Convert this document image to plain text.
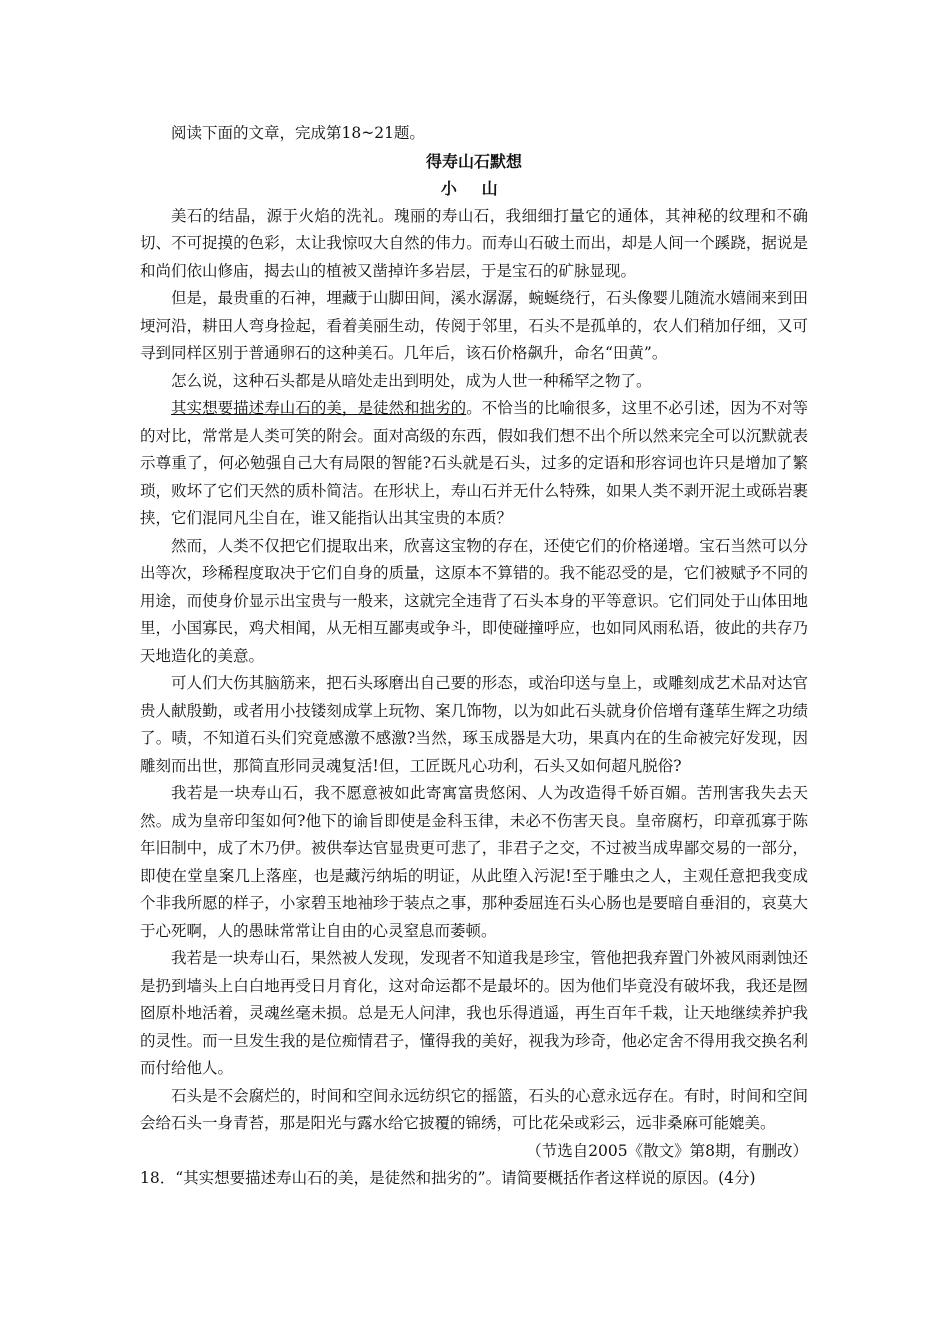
阅读下面的文章，完成第18~21题。

得寿山石默想

小 山

美石的结晶，源于火焰的洗礼。瑰丽的寿山石，我细细打量它的通体，其神秘的纹理和不确切、不可捉摸的色彩，太让我惊叹大自然的伟力。而寿山石破土而出，却是人间一个蹊跷，据说是和尚们依山修庙，揭去山的植被又凿掉许多岩层，于是宝石的矿脉显现。

但是，最贵重的石神，埋藏于山脚田间，溪水潺潺，蜿蜒绕行，石头像婴儿随流水嬉闹来到田埂河沿，耕田人弯身捡起，看着美丽生动，传阅于邻里，石头不是孤单的，农人们稍加仔细，又可寻到同样区别于普通卵石的这种美石。几年后，该石价格飙升，命名“田黄”。

怎么说，这种石头都是从暗处走出到明处，成为人世一种稀罕之物了。

其实想要描述寿山石的美，是徒然和拙劣的。不恰当的比喻很多，这里不必引述，因为不对等的对比，常常是人类可笑的附会。面对高级的东西，假如我们想不出个所以然来完全可以沉默就表示尊重了，何必勉强自己大有局限的智能?石头就是石头，过多的定语和形容词也许只是增加了繁琐，败坏了它们天然的质朴简洁。在形状上，寿山石并无什么特殊，如果人类不剥开泥土或砾岩裹挟，它们混同凡尘自在，谁又能指认出其宝贵的本质？

然而，人类不仅把它们提取出来，欣喜这宝物的存在，还使它们的价格递增。宝石当然可以分出等次，珍稀程度取决于它们自身的质量，这原本不算错的。我不能忍受的是，它们被赋予不同的用途，而使身价显示出宝贵与一般来，这就完全违背了石头本身的平等意识。它们同处于山体田地里，小国寡民，鸡犬相闻，从无相互鄙夷或争斗，即使碰撞呼应，也如同风雨私语，彼此的共存乃天地造化的美意。

可人们大伤其脑筋来，把石头琢磨出自己要的形态，或治印送与皇上，或雕刻成艺术品对达官贵人献殷勤，或者用小技镂刻成掌上玩物、案几饰物，以为如此石头就身价倍增有蓬荜生辉之功绩了。啧，不知道石头们究竟感激不感激?当然，琢玉成器是大功，果真内在的生命被完好发现，因雕刻而出世，那简直形同灵魂复活!但，工匠既凡心功利，石头又如何超凡脱俗?

我若是一块寿山石，我不愿意被如此寄寓富贵悠闲、人为改造得千娇百媚。苦刑害我失去天然。成为皇帝印玺如何?他下的谕旨即使是金科玉律，未必不伤害天良。皇帝腐朽，印章孤寡于陈年旧制中，成了木乃伊。被供奉达官显贵更可悲了，非君子之交，不过被当成卑鄙交易的一部分，即使在堂皇案几上落座，也是藏污纳垢的明证，从此堕入污泥!至于雕虫之人，主观任意把我变成个非我所愿的样子，小家碧玉地袖珍于装点之事，那种委屈连石头心肠也是要暗自垂泪的，哀莫大于心死啊，人的愚昧常常让自由的心灵窒息而萎顿。

我若是一块寿山石，果然被人发现，发现者不知道我是珍宝，管他把我弃置门外被风雨剥蚀还是扔到墙头上白白地再受日月育化，这对命运都不是最坏的。因为他们毕竟没有破坏我，我还是囫囵原朴地活着，灵魂丝毫未损。总是无人问津，我也乐得逍遥，再生百年千栽，让天地继续养护我的灵性。而一旦发生我的是位痴情君子，懂得我的美好，视我为珍奇，他必定舍不得用我交换名利而付给他人。

石头是不会腐烂的，时间和空间永远纺织它的摇篮，石头的心意永远存在。有时，时间和空间会给石头一身青苔，那是阳光与露水给它披覆的锦绣，可比花朵或彩云，远非桑麻可能媲美。

（节选自2005《散文》第8期，有删改）

18．“其实想要描述寿山石的美，是徒然和拙劣的”。请简要概括作者这样说的原因。(4分)
